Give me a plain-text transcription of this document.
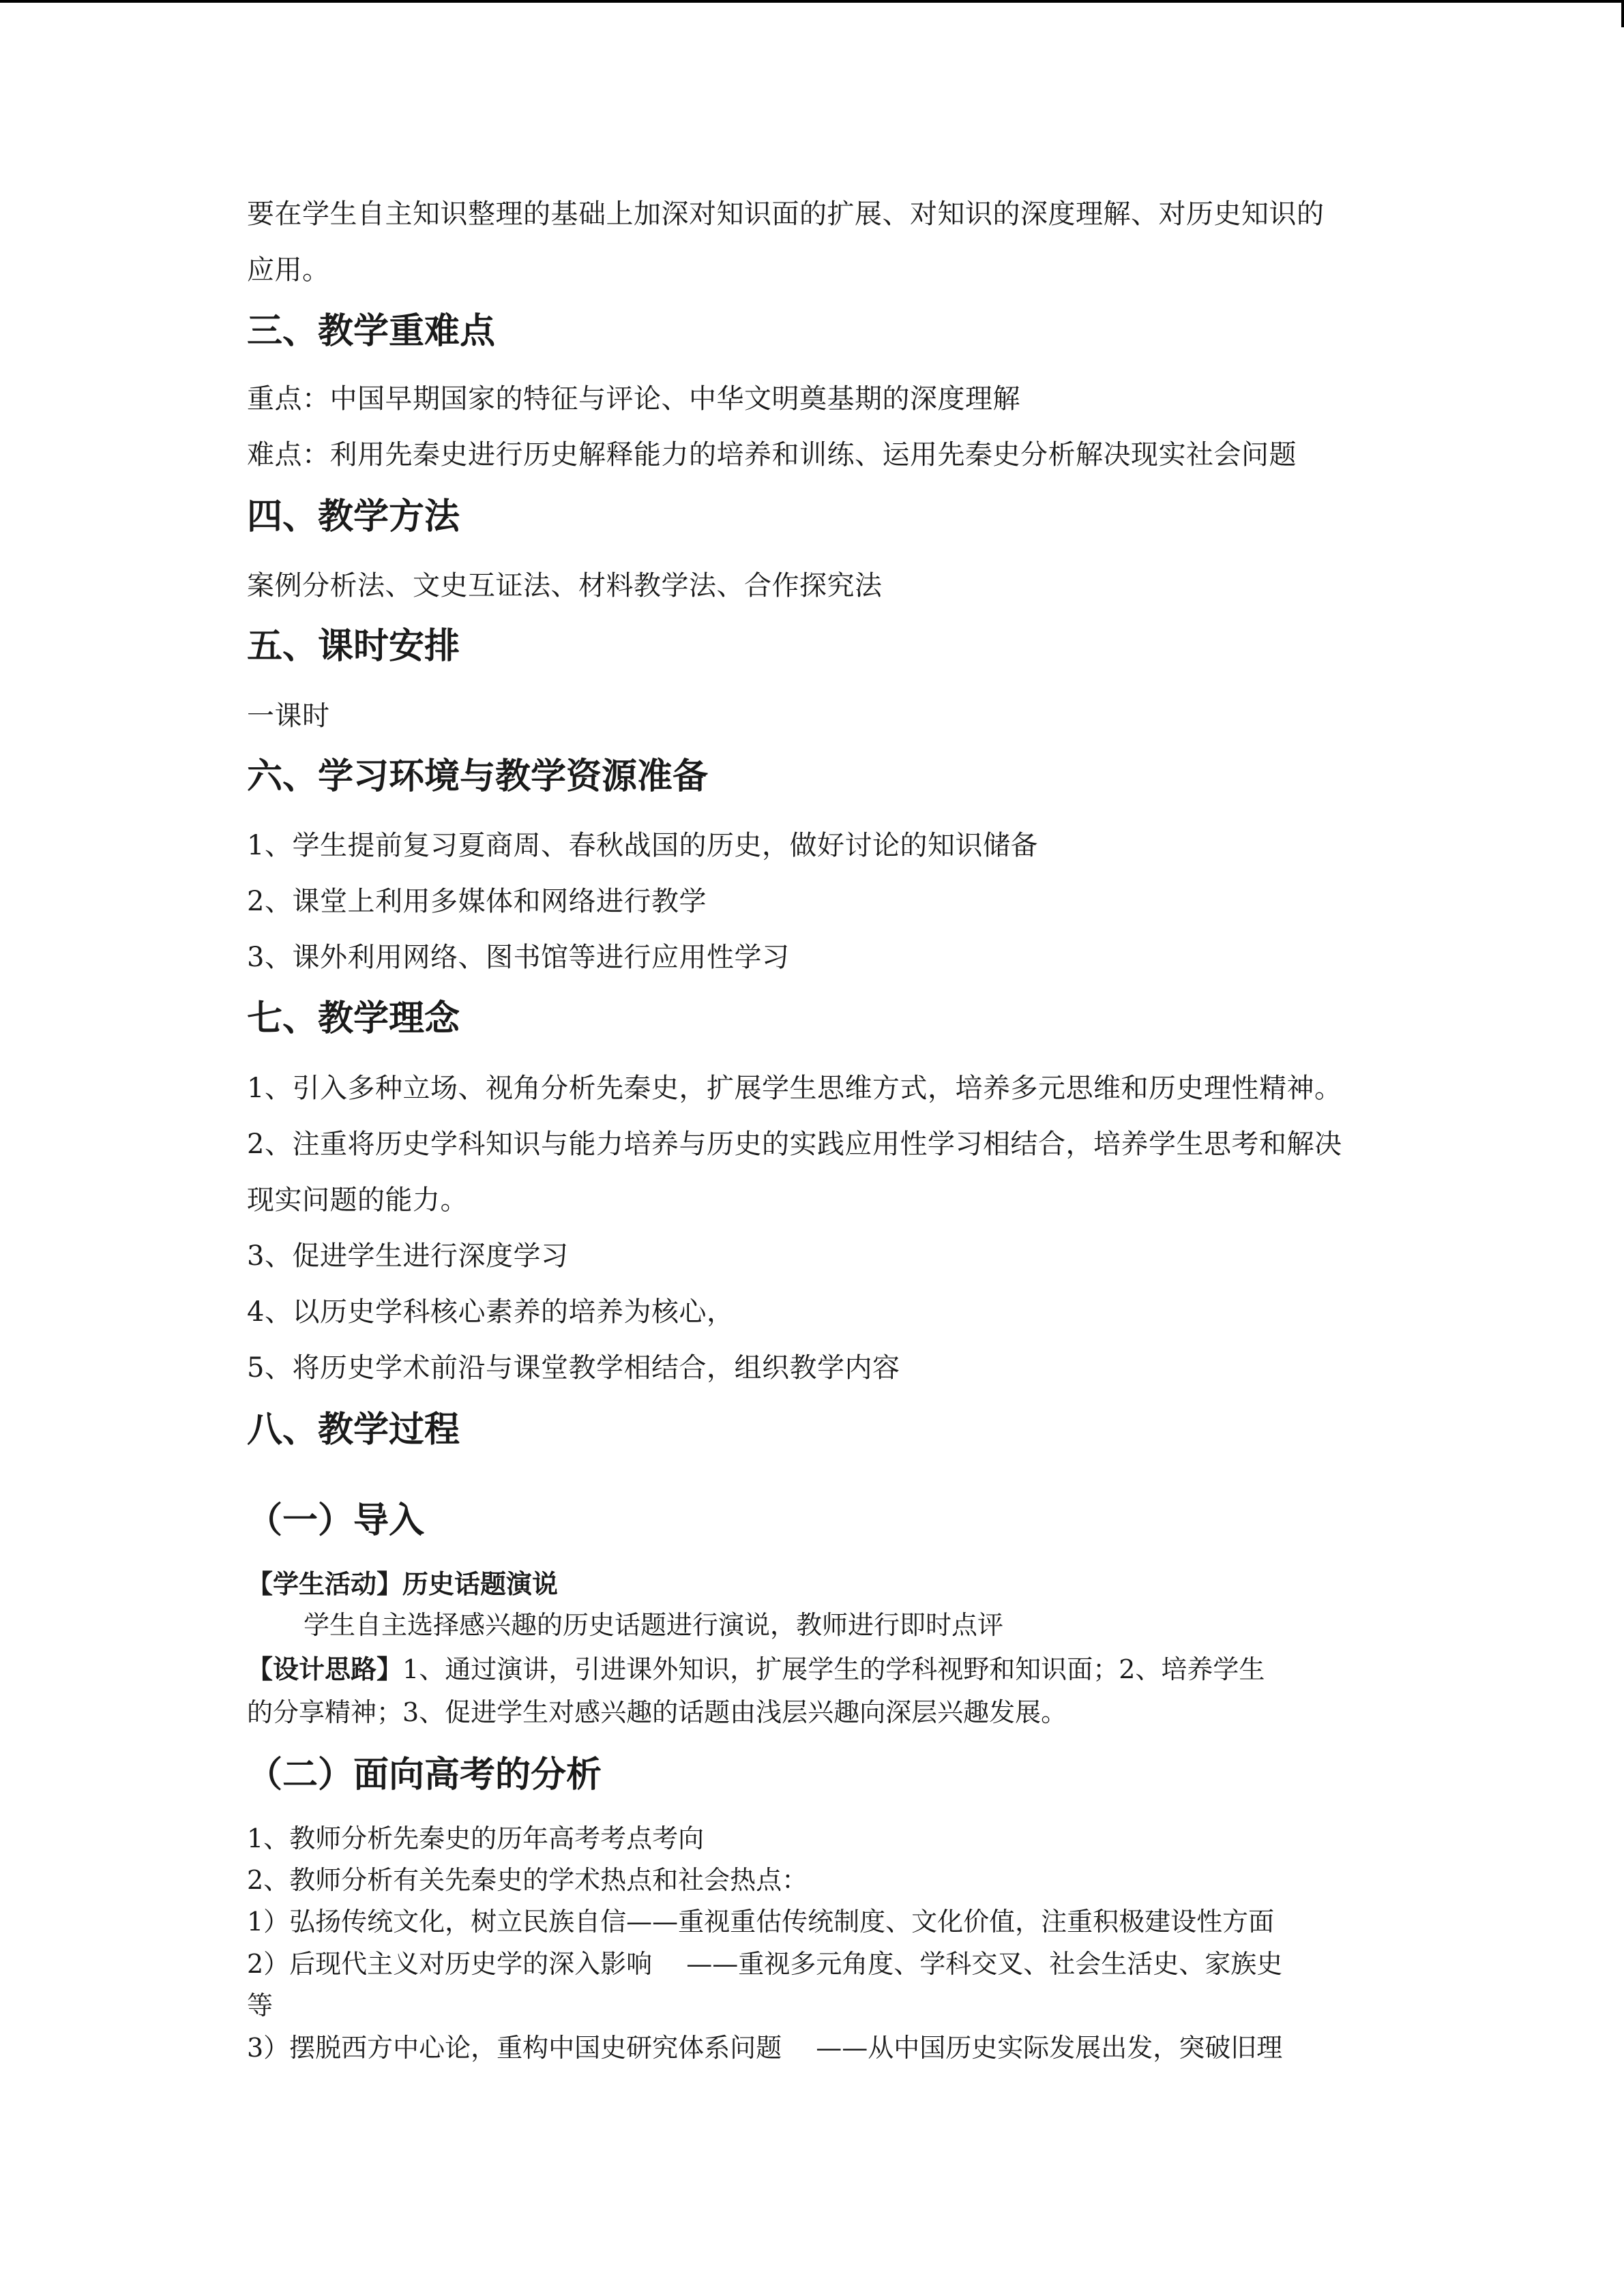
要在学生自主知识整理的基础上加深对知识面的扩展、对知识的深度理解、对历史知识的
应用。
三、教学重难点
重点：中国早期国家的特征与评论、中华文明奠基期的深度理解
难点：利用先秦史进行历史解释能力的培养和训练、运用先秦史分析解决现实社会问题
四、教学方法
案例分析法、文史互证法、材料教学法、合作探究法
五、课时安排
一课时
六、学习环境与教学资源准备
1、学生提前复习夏商周、春秋战国的历史，做好讨论的知识储备
2、课堂上利用多媒体和网络进行教学
3、课外利用网络、图书馆等进行应用性学习
七、教学理念
1、引入多种立场、视角分析先秦史，扩展学生思维方式，培养多元思维和历史理性精神。
2、注重将历史学科知识与能力培养与历史的实践应用性学习相结合，培养学生思考和解决
现实问题的能力。
3、促进学生进行深度学习
4、以历史学科核心素养的培养为核心，
5、将历史学术前沿与课堂教学相结合，组织教学内容
八、教学过程
（一）导入
【学生活动】历史话题演说
学生自主选择感兴趣的历史话题进行演说，教师进行即时点评
【设计思路】1、通过演讲，引进课外知识，扩展学生的学科视野和知识面；2、培养学生
的分享精神；3、促进学生对感兴趣的话题由浅层兴趣向深层兴趣发展。
（二）面向高考的分析
1、教师分析先秦史的历年高考考点考向
2、教师分析有关先秦史的学术热点和社会热点：
1）弘扬传统文化，树立民族自信——重视重估传统制度、文化价值，注重积极建设性方面
2）后现代主义对历史学的深入影响　 ——重视多元角度、学科交叉、社会生活史、家族史
等
3）摆脱西方中心论，重构中国史研究体系问题　 ——从中国历史实际发展出发，突破旧理
